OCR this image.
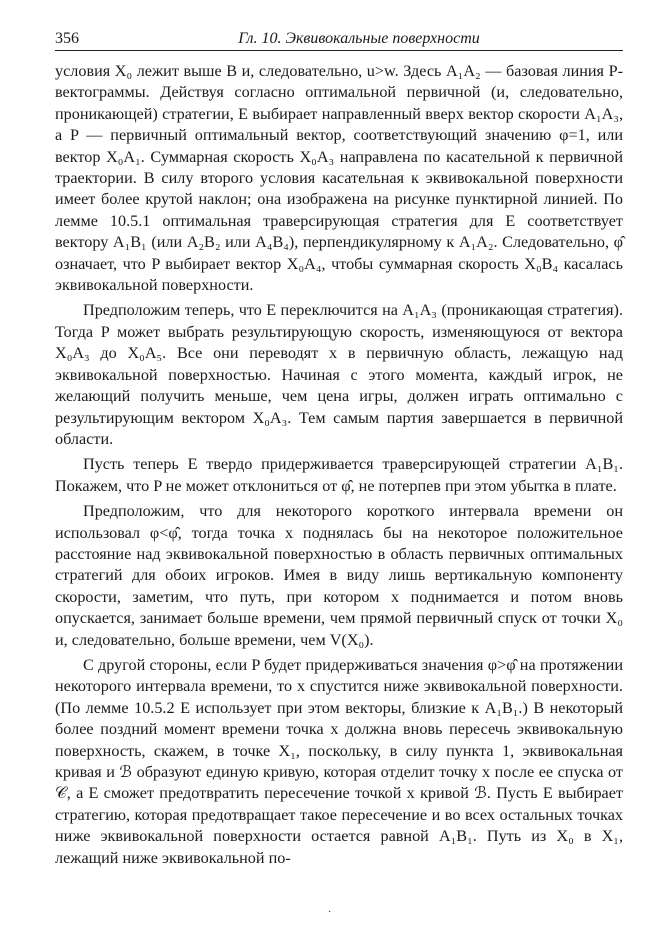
356	Гл. 10. Эквивокальные поверхности

условия X₀ лежит выше B и, следовательно, u>w. Здесь A₁A₂ — базовая линия P-вектограммы. Действуя согласно оптимальной первичной (и, следовательно, проникающей) стратегии, E выбирает направленный вверх вектор скорости A₁A₃, а P — первичный оптимальный вектор, соответствующий значению φ=1, или вектор X₀A₁. Суммарная скорость X₀A₃ направлена по касательной к первичной траектории. В силу второго условия касательная к эквивокальной поверхности имеет более крутой наклон; она изображена на рисунке пунктирной линией. По лемме 10.5.1 оптимальная траверсирующая стратегия для E соответствует вектору A₁B₁ (или A₂B₂ или A₄B₄), перпендикулярному к A₁A₂. Следовательно, φ̂ означает, что P выбирает вектор X₀A₄, чтобы суммарная скорость X₀B₄ касалась эквивокальной поверхности.

Предположим теперь, что E переключится на A₁A₃ (проникающая стратегия). Тогда P может выбрать результирующую скорость, изменяющуюся от вектора X₀A₃ до X₀A₅. Все они переводят x в первичную область, лежащую над эквивокальной поверхностью. Начиная с этого момента, каждый игрок, не желающий получить меньше, чем цена игры, должен играть оптимально с результирующим вектором X₀A₃. Тем самым партия завершается в первичной области.

Пусть теперь E твердо придерживается траверсирующей стратегии A₁B₁. Покажем, что P не может отклониться от φ̂, не потерпев при этом убытка в плате.

Предположим, что для некоторого короткого интервала времени он использовал φ<φ̂, тогда точка x поднялась бы на некоторое положительное расстояние над эквивокальной поверхностью в область первичных оптимальных стратегий для обоих игроков. Имея в виду лишь вертикальную компоненту скорости, заметим, что путь, при котором x поднимается и потом вновь опускается, занимает больше времени, чем прямой первичный спуск от точки X₀ и, следовательно, больше времени, чем V(X₀).

С другой стороны, если P будет придерживаться значения φ>φ̂ на протяжении некоторого интервала времени, то x спустится ниже эквивокальной поверхности. (По лемме 10.5.2 E использует при этом векторы, близкие к A₁B₁.) В некоторый более поздний момент времени точка x должна вновь пересечь эквивокальную поверхность, скажем, в точке X₁, поскольку, в силу пункта 1, эквивокальная кривая и ℬ образуют единую кривую, которая отделит точку x после ее спуска от 𝒞, а E сможет предотвратить пересечение точкой x кривой ℬ. Пусть E выбирает стратегию, которая предотвращает такое пересечение и во всех остальных точках ниже эквивокальной поверхности остается равной A₁B₁. Путь из X₀ в X₁, лежащий ниже эквивокальной по-

·
